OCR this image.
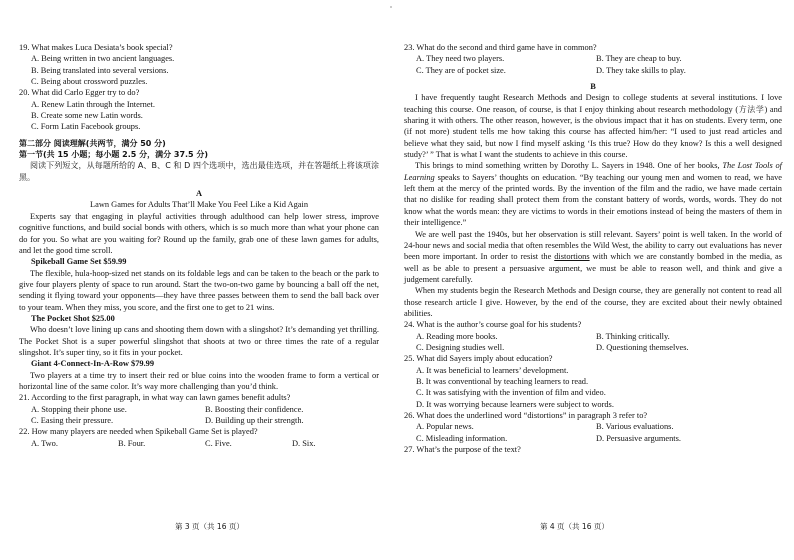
19. What makes Luca Desiata’s book special?

A. Being written in two ancient languages.

B. Being translated into several versions.

C. Being about crossword puzzles.

20. What did Carlo Egger try to do?

A. Renew Latin through the Internet.

B. Create some new Latin words.

C. Form Latin Facebook groups.

第二部分 阅读理解(共两节，满分 50 分)

第一节(共 15 小题；每小题 2.5 分，满分 37.5 分)

阅读下列短文，从每题所给的 A、B、C 和 D 四个选项中，选出最佳选项，并在答题纸上将该项涂黑。

A

Lawn Games for Adults That’ll Make You Feel Like a Kid Again

Experts say that engaging in playful activities through adulthood can help lower stress, improve cognitive functions, and build social bonds with others, which is so much more than what your phone can do for you. So what are you waiting for? Round up the family, grab one of these lawn games for adults, and let the good time scroll.

Spikeball Game Set $59.99

The flexible, hula-hoop-sized net stands on its foldable legs and can be taken to the beach or the park to give four players plenty of space to run around. Start the two-on-two game by bouncing a ball off the net, sending it flying toward your opponents—they have three passes between them to send the ball back over to your team. When they miss, you score, and the first one to get to 21 wins.

The Pocket Shot $25.00

Who doesn’t love lining up cans and shooting them down with a slingshot? It’s demanding yet thrilling. The Pocket Shot is a super powerful slingshot that shoots at two or three times the rate of a regular slingshot. It’s super tiny, so it fits in your pocket.

Giant 4-Connect-In-A-Row $79.99

Two players at a time try to insert their red or blue coins into the wooden frame to form a vertical or horizontal line of the same color. It’s way more challenging than you’d think.

21. According to the first paragraph, in what way can lawn games benefit adults?

A. Stopping their phone use.	B. Boosting their confidence.
C. Easing their pressure.	D. Building up their strength.

22. How many players are needed when Spikeball Game Set is played?

A. Two.	B. Four.	C. Five.	D. Six.
第 3 页（共 16 页）

23. What do the second and third game have in common?

A. They need two players.	B. They are cheap to buy.
C. They are of pocket size.	D. They take skills to play.

B

I have frequently taught Research Methods and Design to college students at several institutions. I love teaching this course. One reason, of course, is that I enjoy thinking about research methodology (方法学) and sharing it with others. The other reason, however, is the obvious impact that it has on students. Every term, one (if not more) student tells me how taking this course has affected him/her: “I used to just read articles and believe what they said, but now I find myself asking ‘Is this true? How do they know? Is this a well designed study?’ ” That is what I want the students to achieve in this course.

This brings to mind something written by Dorothy L. Sayers in 1948. One of her books, The Lost Tools of Learning speaks to Sayers’ thoughts on education. “By teaching our young men and women to read, we have left them at the mercy of the printed words. By the invention of the film and the radio, we have made certain that no dislike for reading shall protect them from the constant battery of words, words, words. They do not know what the words mean: they are victims to words in their emotions instead of being the masters of them in their intelligence.”

We are well past the 1940s, but her observation is still relevant. Sayers’ point is well taken. In the world of 24-hour news and social media that often resembles the Wild West, the ability to carry out evaluations has never been more important. In order to resist the distortions with which we are constantly bombed in the media, as well as be able to present a persuasive argument, we must be able to reason well, and think and give a judgement carefully.

When my students begin the Research Methods and Design course, they are generally not content to read all those research article I give. However, by the end of the course, they are excited about their newly obtained abilities.

24. What is the author’s course goal for his students?

A. Reading more books.	B. Thinking critically.
C. Designing studies well.	D. Questioning themselves.

25. What did Sayers imply about education?

A. It was beneficial to learners’ development.

B. It was conventional by teaching learners to read.

C. It was satisfying with the invention of film and video.

D. It was worrying because learners were subject to words.

26. What does the underlined word “distortions” in paragraph 3 refer to?

A. Popular news.	B. Various evaluations.
C. Misleading information.	D. Persuasive arguments.

27. What’s the purpose of the text?

第 4 页（共 16 页）
